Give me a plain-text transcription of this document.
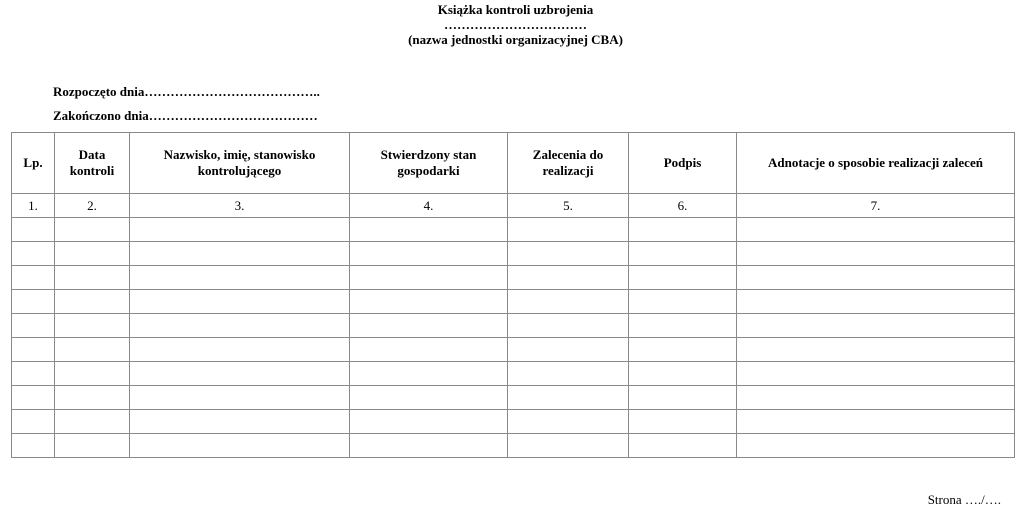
Książka kontroli uzbrojenia
……………………………
(nazwa jednostki organizacyjnej CBA)
Rozpoczęto dnia…………………………………..
Zakończono dnia…………………………………
Lp.	Data kontroli	Nazwisko, imię, stanowisko kontrolującego	Stwierdzony stan gospodarki	Zalecenia do realizacji	Podpis	Adnotacje o sposobie realizacji zaleceń
1.	2.	3.	4.	5.	6.	7.

Strona …./….
